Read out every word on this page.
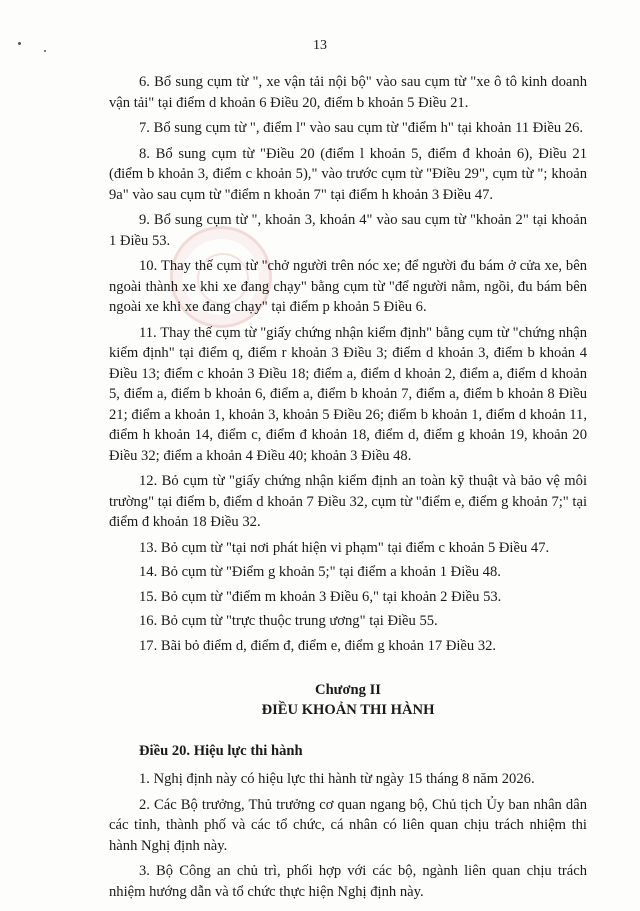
13

6. Bổ sung cụm từ ", xe vận tải nội bộ" vào sau cụm từ "xe ô tô kinh doanh vận tải" tại điểm d khoản 6 Điều 20, điểm b khoản 5 Điều 21.

7. Bổ sung cụm từ ", điểm l" vào sau cụm từ "điểm h" tại khoản 11 Điều 26.

8. Bổ sung cụm từ "Điều 20 (điểm l khoản 5, điểm đ khoản 6), Điều 21 (điểm b khoản 3, điểm c khoản 5)," vào trước cụm từ "Điều 29", cụm từ "; khoản 9a" vào sau cụm từ "điểm n khoản 7" tại điểm h khoản 3 Điều 47.

9. Bổ sung cụm từ ", khoản 3, khoản 4" vào sau cụm từ "khoản 2" tại khoản 1 Điều 53.

10. Thay thế cụm từ "chở người trên nóc xe; để người đu bám ở cửa xe, bên ngoài thành xe khi xe đang chạy" bằng cụm từ "để người nằm, ngồi, đu bám bên ngoài xe khi xe đang chạy" tại điểm p khoản 5 Điều 6.

11. Thay thế cụm từ "giấy chứng nhận kiểm định" bằng cụm từ "chứng nhận kiểm định" tại điểm q, điểm r khoản 3 Điều 3; điểm d khoản 3, điểm b khoản 4 Điều 13; điểm c khoản 3 Điều 18; điểm a, điểm d khoản 2, điểm a, điểm d khoản 5, điểm a, điểm b khoản 6, điểm a, điểm b khoản 7, điểm a, điểm b khoản 8 Điều 21; điểm a khoản 1, khoản 3, khoản 5 Điều 26; điểm b khoản 1, điểm d khoản 11, điểm h khoản 14, điểm c, điểm đ khoản 18, điểm d, điểm g khoản 19, khoản 20 Điều 32; điểm a khoản 4 Điều 40; khoản 3 Điều 48.

12. Bỏ cụm từ "giấy chứng nhận kiểm định an toàn kỹ thuật và bảo vệ môi trường" tại điểm b, điểm d khoản 7 Điều 32, cụm từ "điểm e, điểm g khoản 7;" tại điểm đ khoản 18 Điều 32.

13. Bỏ cụm từ "tại nơi phát hiện vi phạm" tại điểm c khoản 5 Điều 47.

14. Bỏ cụm từ "Điểm g khoản 5;" tại điểm a khoản 1 Điều 48.

15. Bỏ cụm từ "điểm m khoản 3 Điều 6," tại khoản 2 Điều 53.

16. Bỏ cụm từ "trực thuộc trung ương" tại Điều 55.

17. Bãi bỏ điểm d, điểm đ, điểm e, điểm g khoản 17 Điều 32.

Chương II
ĐIỀU KHOẢN THI HÀNH
Điều 20. Hiệu lực thi hành

1. Nghị định này có hiệu lực thi hành từ ngày 15 tháng 8 năm 2026.

2. Các Bộ trưởng, Thủ trưởng cơ quan ngang bộ, Chủ tịch Ủy ban nhân dân các tỉnh, thành phố và các tổ chức, cá nhân có liên quan chịu trách nhiệm thi hành Nghị định này.

3. Bộ Công an chủ trì, phối hợp với các bộ, ngành liên quan chịu trách nhiệm hướng dẫn và tổ chức thực hiện Nghị định này.
